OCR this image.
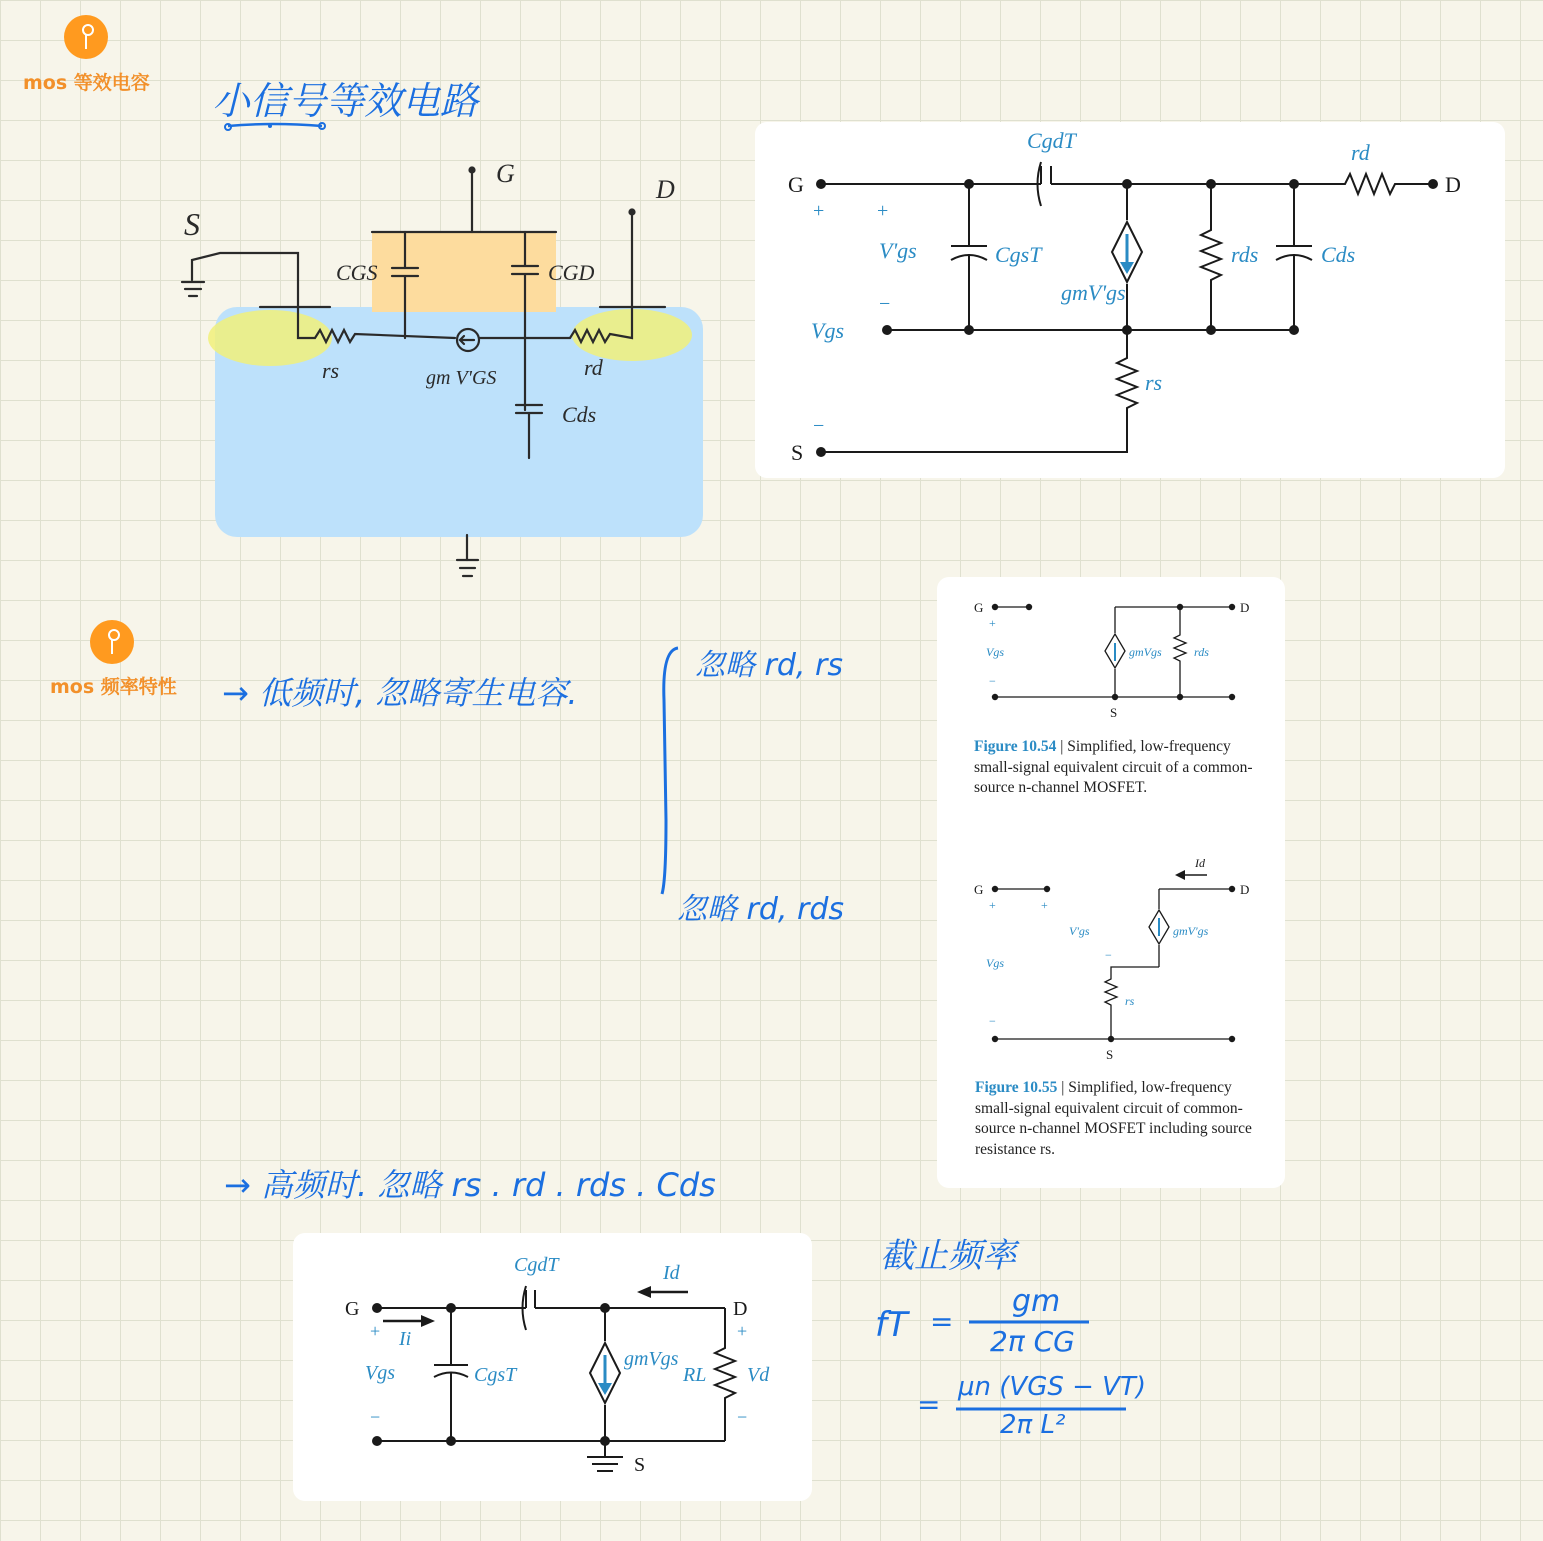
mos 等效电容
mos 频率特性
小信号等效电路
S
G
D
CGS	CGD
rs	rd
gm V'GS
Cds
G	D
S
CgdT	rd
CgsT
V'gs
gmV'gs
rds	Cds
Vgs
rs
+	+
−
−
G	D
S
Vgs	gmVgs	rds
+
−
Figure 10.54 | Simplified, low-frequency small-signal equivalent circuit of a common-source n-channel MOSFET.
G	D
S
Id
V'gs	gmV'gs
Vgs
rs
+	+
−
−
Figure 10.55 | Simplified, low-frequency small-signal equivalent circuit of common-source n-channel MOSFET including source resistance rs.
→ 低频时, 忽略寄生电容.
忽略 rd, rs
忽略 rd, rds
→ 高频时. 忽略 rs . rd . rds . Cds
G	D
S
CgdT	Id
Ii
Vgs	CgsT
gmVgs
RL Vd
+	+
−	−
截止频率
fT =
gm
2π CG
=
μn (VGS − VT)
2π L²
